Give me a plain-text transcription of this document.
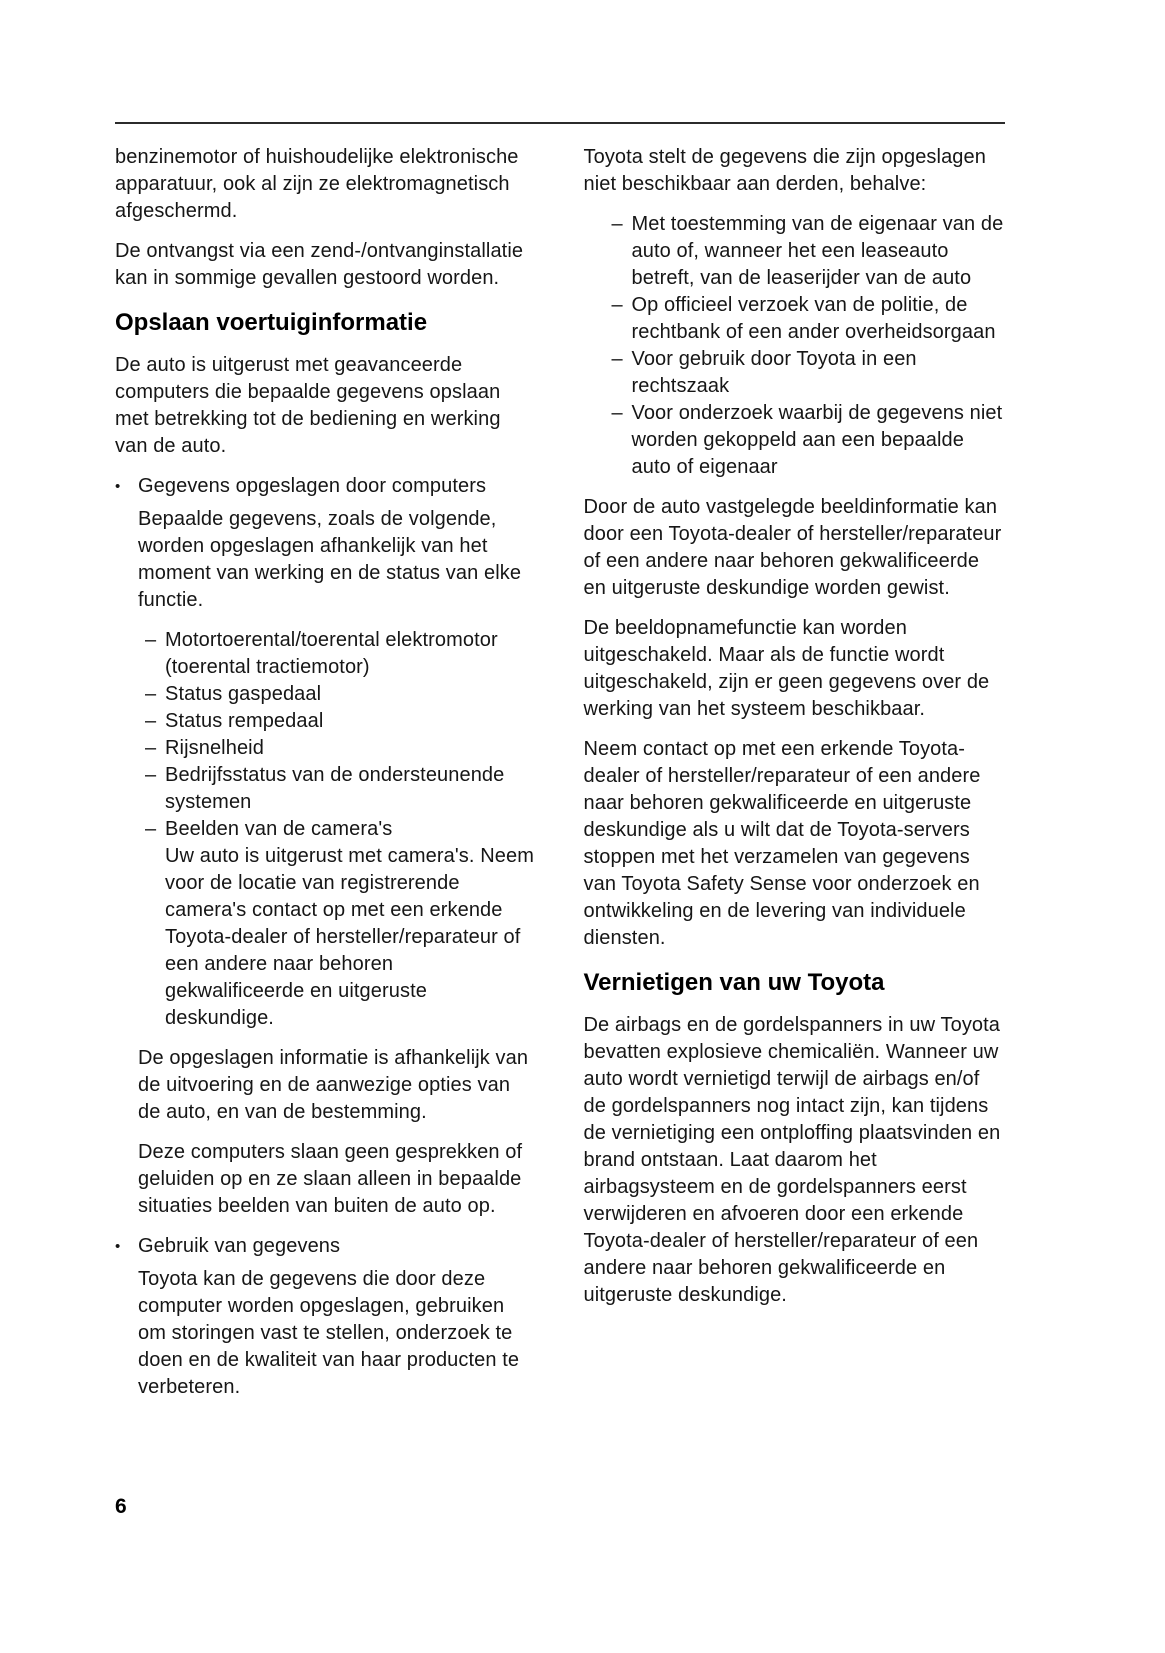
benzinemotor of huishoudelijke elektronische apparatuur, ook al zijn ze elektromagnetisch afgeschermd.

De ontvangst via een zend-/ontvanginstallatie kan in sommige gevallen gestoord worden.

Opslaan voertuiginformatie

De auto is uitgerust met geavanceerde computers die bepaalde gegevens opslaan met betrekking tot de bediening en werking van de auto.

• Gegevens opgeslagen door computers

Bepaalde gegevens, zoals de volgende, worden opgeslagen afhankelijk van het moment van werking en de status van elke functie.

– Motortoerental/toerental elektromotor (toerental tractiemotor)
– Status gaspedaal
– Status rempedaal
– Rijsnelheid
– Bedrijfsstatus van de ondersteunende systemen
– Beelden van de camera's
Uw auto is uitgerust met camera's. Neem voor de locatie van registrerende camera's contact op met een erkende Toyota-dealer of hersteller/reparateur of een andere naar behoren gekwalificeerde en uitgeruste deskundige.

De opgeslagen informatie is afhankelijk van de uitvoering en de aanwezige opties van de auto, en van de bestemming.

Deze computers slaan geen gesprekken of geluiden op en ze slaan alleen in bepaalde situaties beelden van buiten de auto op.

• Gebruik van gegevens

Toyota kan de gegevens die door deze computer worden opgeslagen, gebruiken om storingen vast te stellen, onderzoek te doen en de kwaliteit van haar producten te verbeteren.

Toyota stelt de gegevens die zijn opgeslagen niet beschikbaar aan derden, behalve:

– Met toestemming van de eigenaar van de auto of, wanneer het een leaseauto betreft, van de leaserijder van de auto
– Op officieel verzoek van de politie, de rechtbank of een ander overheidsorgaan
– Voor gebruik door Toyota in een rechtszaak
– Voor onderzoek waarbij de gegevens niet worden gekoppeld aan een bepaalde auto of eigenaar

Door de auto vastgelegde beeldinformatie kan door een Toyota-dealer of hersteller/reparateur of een andere naar behoren gekwalificeerde en uitgeruste deskundige worden gewist.

De beeldopnamefunctie kan worden uitgeschakeld. Maar als de functie wordt uitgeschakeld, zijn er geen gegevens over de werking van het systeem beschikbaar.

Neem contact op met een erkende Toyota-dealer of hersteller/reparateur of een andere naar behoren gekwalificeerde en uitgeruste deskundige als u wilt dat de Toyota-servers stoppen met het verzamelen van gegevens van Toyota Safety Sense voor onderzoek en ontwikkeling en de levering van individuele diensten.

Vernietigen van uw Toyota

De airbags en de gordelspanners in uw Toyota bevatten explosieve chemicaliën. Wanneer uw auto wordt vernietigd terwijl de airbags en/of de gordelspanners nog intact zijn, kan tijdens de vernietiging een ontploffing plaatsvinden en brand ontstaan. Laat daarom het airbagsysteem en de gordelspanners eerst verwijderen en afvoeren door een erkende Toyota-dealer of hersteller/reparateur of een andere naar behoren gekwalificeerde en uitgeruste deskundige.

6
